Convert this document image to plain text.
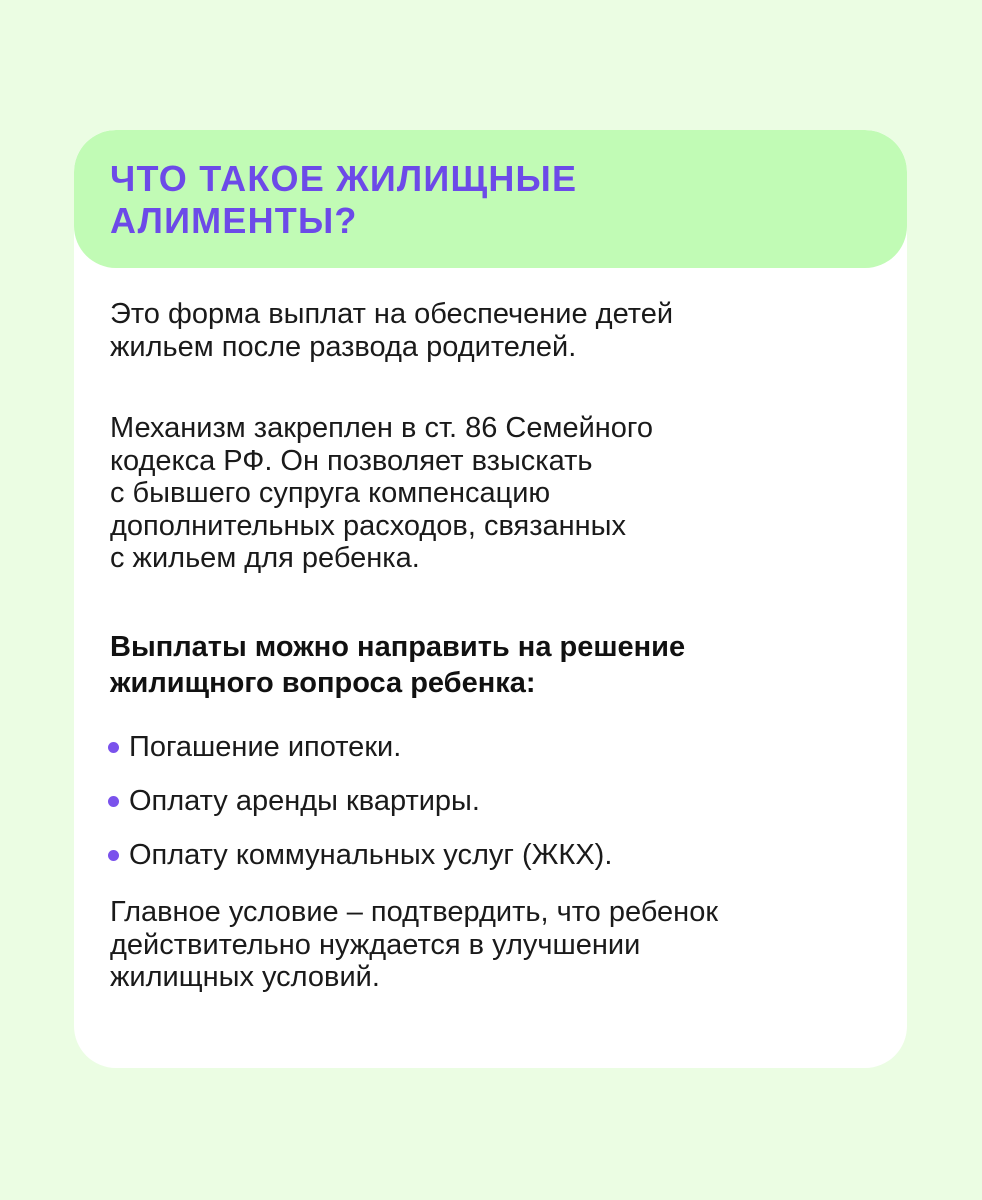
ЧТО ТАКОЕ ЖИЛИЩНЫЕ
АЛИМЕНТЫ?

Это форма выплат на обеспечение детей
жильем после развода родителей.

Механизм закреплен в ст. 86 Семейного
кодекса РФ. Он позволяет взыскать
с бывшего супруга компенсацию
дополнительных расходов, связанных
с жильем для ребенка.

Выплаты можно направить на решение
жилищного вопроса ребенка:

Погашение ипотеки.
Оплату аренды квартиры.
Оплату коммунальных услуг (ЖКХ).

Главное условие – подтвердить, что ребенок
действительно нуждается в улучшении
жилищных условий.
